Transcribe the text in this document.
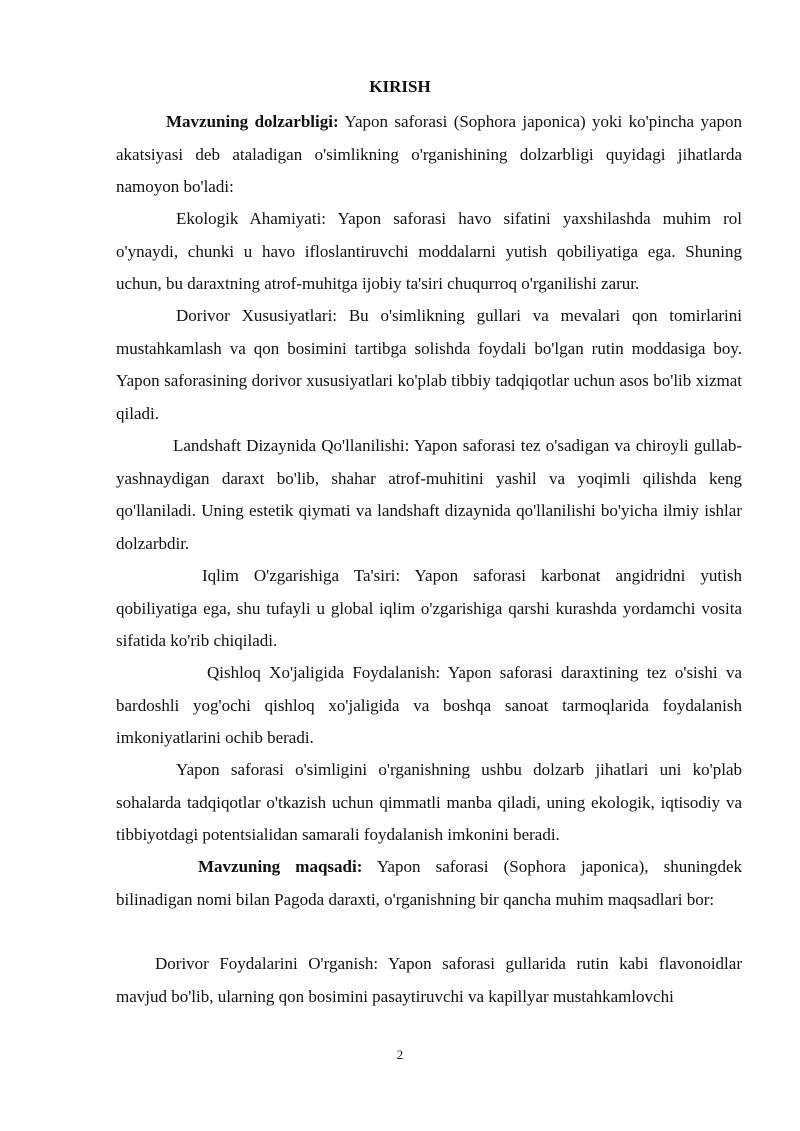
KIRISH

Mavzuning dolzarbligi: Yapon saforasi (Sophora japonica) yoki ko'pincha yapon akatsiyasi deb ataladigan o'simlikning o'rganishining dolzarbligi quyidagi jihatlarda namoyon bo'ladi:

Ekologik Ahamiyati: Yapon saforasi havo sifatini yaxshilashda muhim rol o'ynaydi, chunki u havo ifloslantiruvchi moddalarni yutish qobiliyatiga ega. Shuning uchun, bu daraxtning atrof-muhitga ijobiy ta'siri chuqurroq o'rganilishi zarur.

Dorivor Xususiyatlari: Bu o'simlikning gullari va mevalari qon tomirlarini mustahkamlash va qon bosimini tartibga solishda foydali bo'lgan rutin moddasiga boy. Yapon saforasining dorivor xususiyatlari ko'plab tibbiy tadqiqotlar uchun asos bo'lib xizmat qiladi.

Landshaft Dizaynida Qo'llanilishi: Yapon saforasi tez o'sadigan va chiroyli gullab-yashnaydigan daraxt bo'lib, shahar atrof-muhitini yashil va yoqimli qilishda keng qo'llaniladi. Uning estetik qiymati va landshaft dizaynida qo'llanilishi bo'yicha ilmiy ishlar dolzarbdir.

Iqlim O'zgarishiga Ta'siri: Yapon saforasi karbonat angidridni yutish qobiliyatiga ega, shu tufayli u global iqlim o'zgarishiga qarshi kurashda yordamchi vosita sifatida ko'rib chiqiladi.

Qishloq Xo'jaligida Foydalanish: Yapon saforasi daraxtining tez o'sishi va bardoshli yog'ochi qishloq xo'jaligida va boshqa sanoat tarmoqlarida foydalanish imkoniyatlarini ochib beradi.

Yapon saforasi o'simligini o'rganishning ushbu dolzarb jihatlari uni ko'plab sohalarda tadqiqotlar o'tkazish uchun qimmatli manba qiladi, uning ekologik, iqtisodiy va tibbiyotdagi potentsialidan samarali foydalanish imkonini beradi.

Mavzuning maqsadi: Yapon saforasi (Sophora japonica), shuningdek bilinadigan nomi bilan Pagoda daraxti, o'rganishning bir qancha muhim maqsadlari bor:

Dorivor Foydalarini O'rganish: Yapon saforasi gullarida rutin kabi flavonoidlar mavjud bo'lib, ularning qon bosimini pasaytiruvchi va kapillyar mustahkamlovchi

2
